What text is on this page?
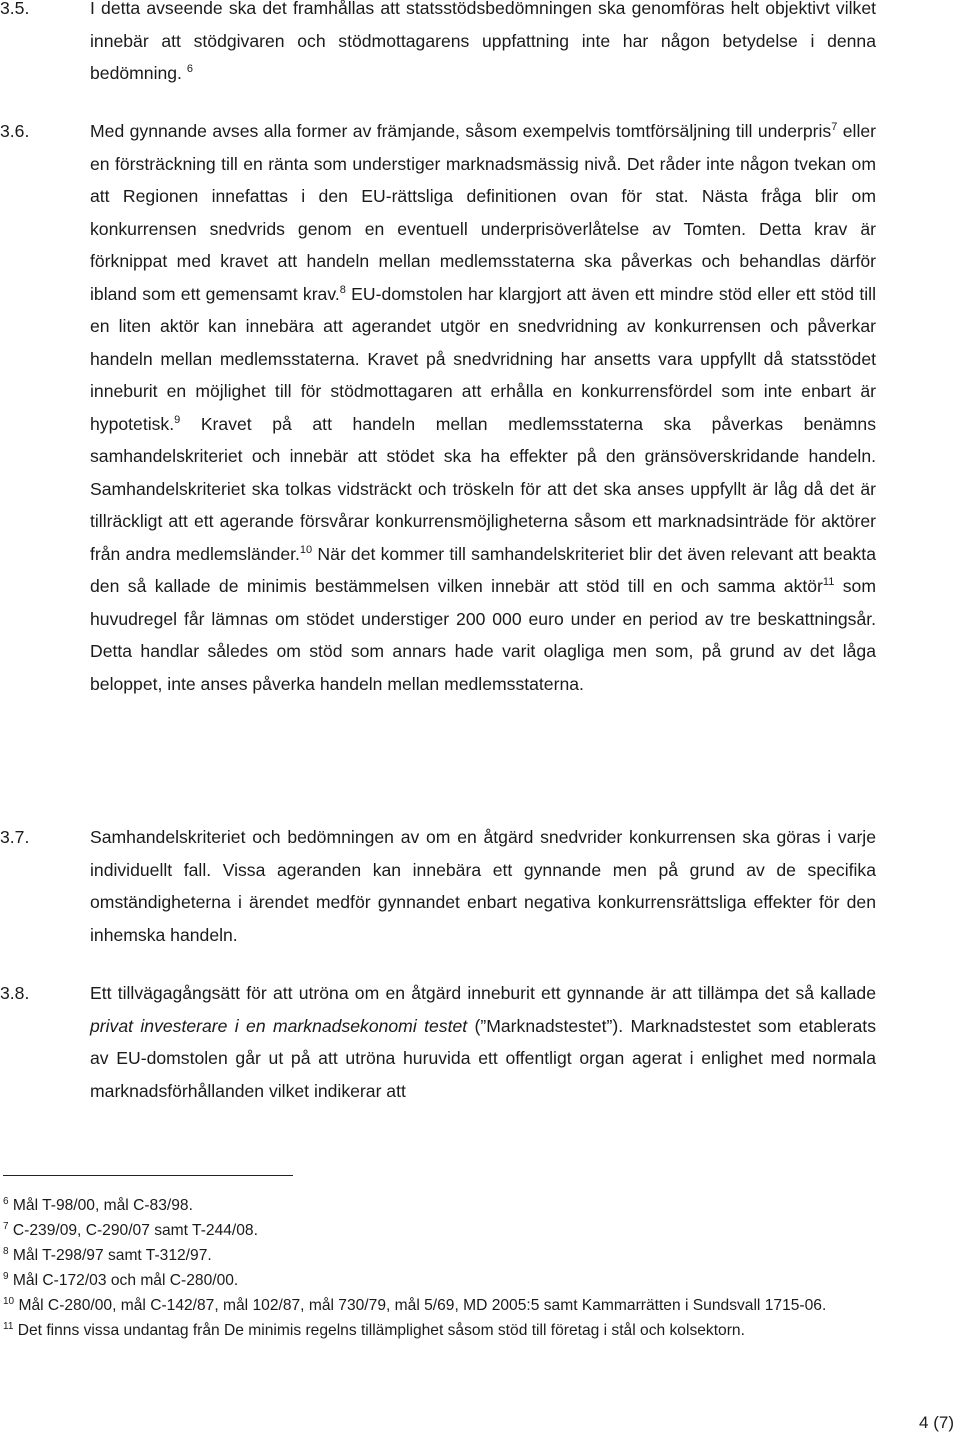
3.5.	I detta avseende ska det framhållas att statsstödsbedömningen ska genomföras helt objektivt vilket innebär att stödgivaren och stödmottagarens uppfattning inte har någon betydelse i denna bedömning. $^6$
3.6.	Med gynnande avses alla former av främjande, såsom exempelvis tomtförsäljning till underpris$^7$ eller en försträckning till en ränta som understiger marknadsmässig nivå. Det råder inte någon tvekan om att Regionen innefattas i den EU-rättsliga definitionen ovan för stat. Nästa fråga blir om konkurrensen snedvrids genom en eventuell underprisöverlåtelse av Tomten. Detta krav är förknippat med kravet att handeln mellan medlemsstaterna ska påverkas och behandlas därför ibland som ett gemensamt krav.$^8$ EU-domstolen har klargjort att även ett mindre stöd eller ett stöd till en liten aktör kan innebära att agerandet utgör en snedvridning av konkurrensen och påverkar handeln mellan medlemsstaterna. Kravet på snedvridning har ansetts vara uppfyllt då statsstödet inneburit en möjlighet till för stödmottagaren att erhålla en konkurrensfördel som inte enbart är hypotetisk.$^9$ Kravet på att handeln mellan medlemsstaterna ska påverkas benämns samhandelskriteriet och innebär att stödet ska ha effekter på den gränsöverskridande handeln. Samhandelskriteriet ska tolkas vidsträckt och tröskeln för att det ska anses uppfyllt är låg då det är tillräckligt att ett agerande försvårar konkurrensmöjligheterna såsom ett marknadsinträde för aktörer från andra medlemsländer.$^{10}$ När det kommer till samhandelskriteriet blir det även relevant att beakta den så kallade de minimis bestämmelsen vilken innebär att stöd till en och samma aktör$^{11}$ som huvudregel får lämnas om stödet understiger 200 000 euro under en period av tre beskattningsår. Detta handlar således om stöd som annars hade varit olagliga men som, på grund av det låga beloppet, inte anses påverka handeln mellan medlemsstaterna.
3.7.	Samhandelskriteriet och bedömningen av om en åtgärd snedvrider konkurrensen ska göras i varje individuellt fall. Vissa ageranden kan innebära ett gynnande men på grund av de specifika omständigheterna i ärendet medför gynnandet enbart negativa konkurrensrättsliga effekter för den inhemska handeln.
3.8.	Ett tillvägagångsätt för att utröna om en åtgärd inneburit ett gynnande är att tillämpa det så kallade privat investerare i en marknadsekonomi testet (”Marknadstestet”). Marknadstestet som etablerats av EU-domstolen går ut på att utröna huruvida ett offentligt organ agerat i enlighet med normala marknadsförhållanden vilket indikerar att

$^6$ Mål T-98/00, mål C-83/98.

$^7$ C-239/09, C-290/07 samt T-244/08.

$^8$ Mål T-298/97 samt T-312/97.

$^9$ Mål C-172/03 och mål C-280/00.

$^{10}$ Mål C-280/00, mål C-142/87, mål 102/87, mål 730/79, mål 5/69, MD 2005:5 samt Kammarrätten i Sundsvall 1715-06.

$^{11}$ Det finns vissa undantag från De minimis regelns tillämplighet såsom stöd till företag i stål och kolsektorn.

4 (7)
